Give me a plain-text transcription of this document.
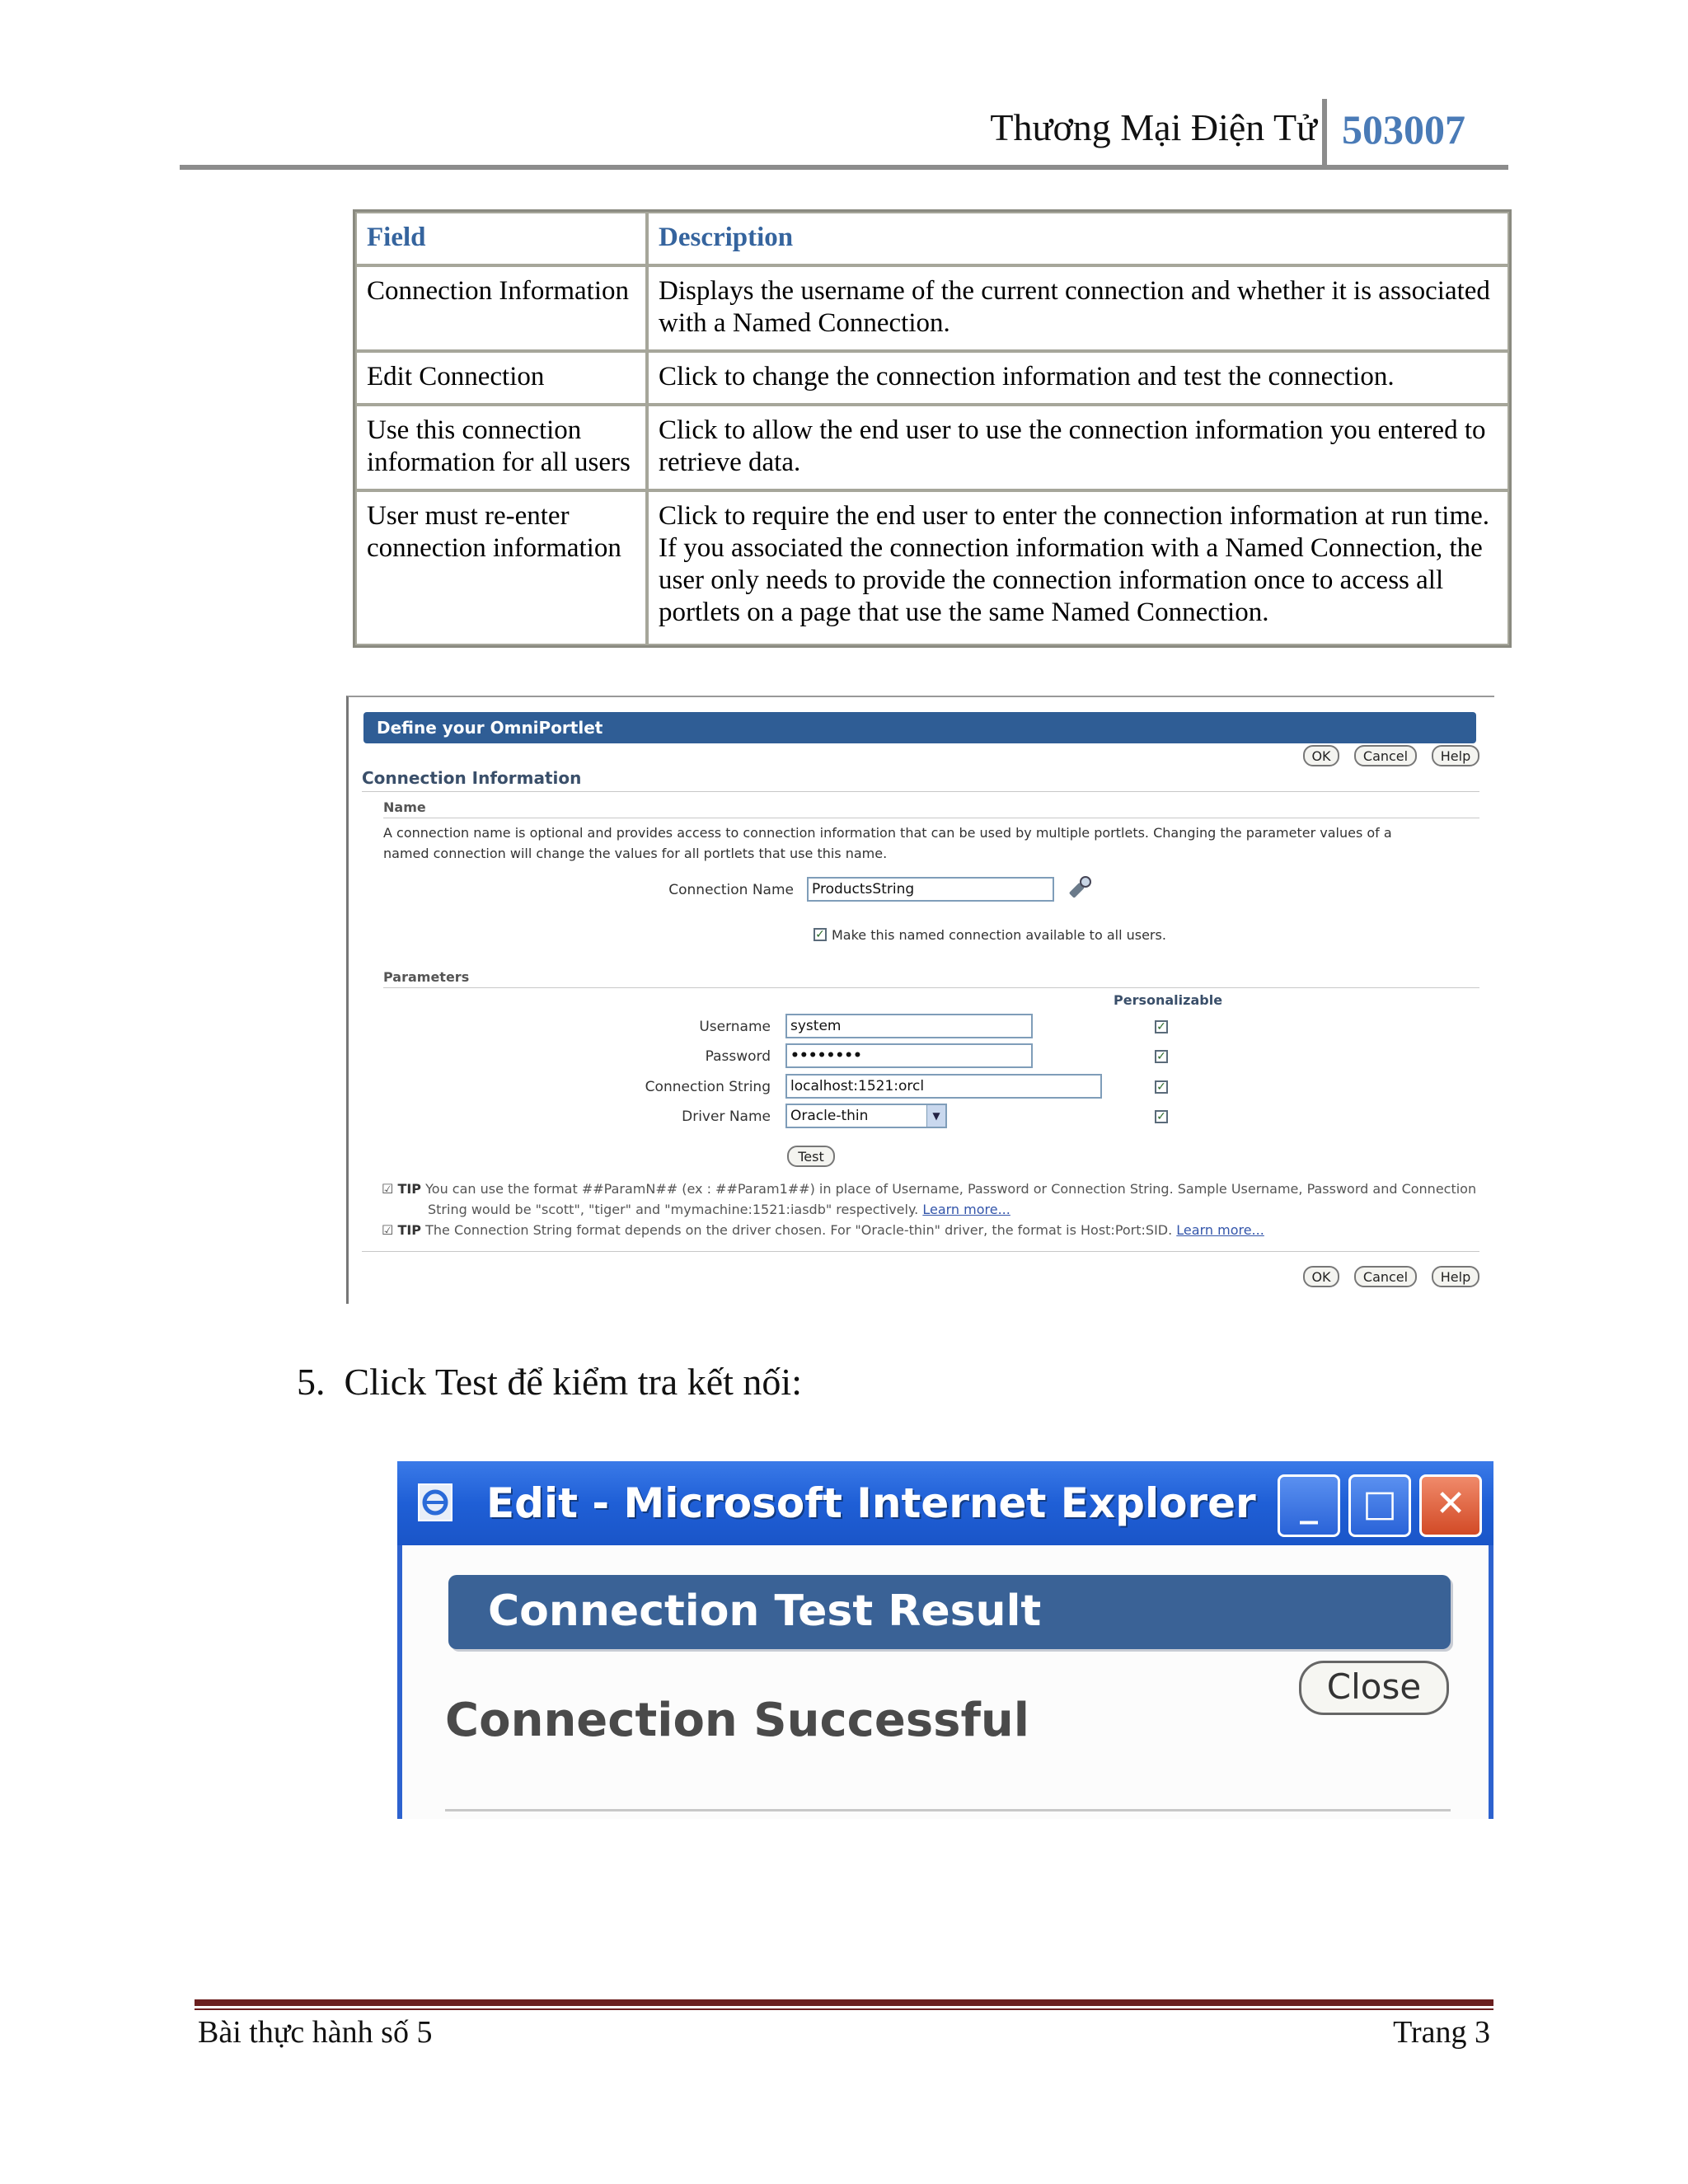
Thương Mại Điện Tử 503007
Field	Description
Connection Information	Displays the username of the current connection and whether it is associated with a Named Connection.
Edit Connection	Click to change the connection information and test the connection.
Use this connection information for all users	Click to allow the end user to use the connection information you entered to retrieve data.
User must re-enter connection information	Click to require the end user to enter the connection information at run time. If you associated the connection information with a Named Connection, the user only needs to provide the connection information once to access all portlets on a page that use the same Named Connection.
Define your OmniPortlet
OK	Cancel	Help
Connection Information
Name
A connection name is optional and provides access to connection information that can be used by multiple portlets. Changing the parameter values of a named connection will change the values for all portlets that use this name.
Connection Name	ProductsString
✓ Make this named connection available to all users.
Parameters
Personalizable
Username	system	✓
Password	••••••••	✓
Connection String	localhost:1521:orcl	✓
Driver Name	Oracle-thin	▼	✓
Test
☑ TIP You can use the format ##ParamN## (ex : ##Param1##) in place of Username, Password or Connection String. Sample Username, Password and Connection
String would be "scott", "tiger" and "mymachine:1521:iasdb" respectively. Learn more...
☑ TIP The Connection String format depends on the driver chosen. For "Oracle-thin" driver, the format is Host:Port:SID. Learn more...
OK	Cancel	Help
5. Click Test để kiểm tra kết nối:
Edit - Microsoft Internet Explorer	_	□	✕
Connection Test Result
Close
Connection Successful
Bài thực hành số 5	Trang 3
